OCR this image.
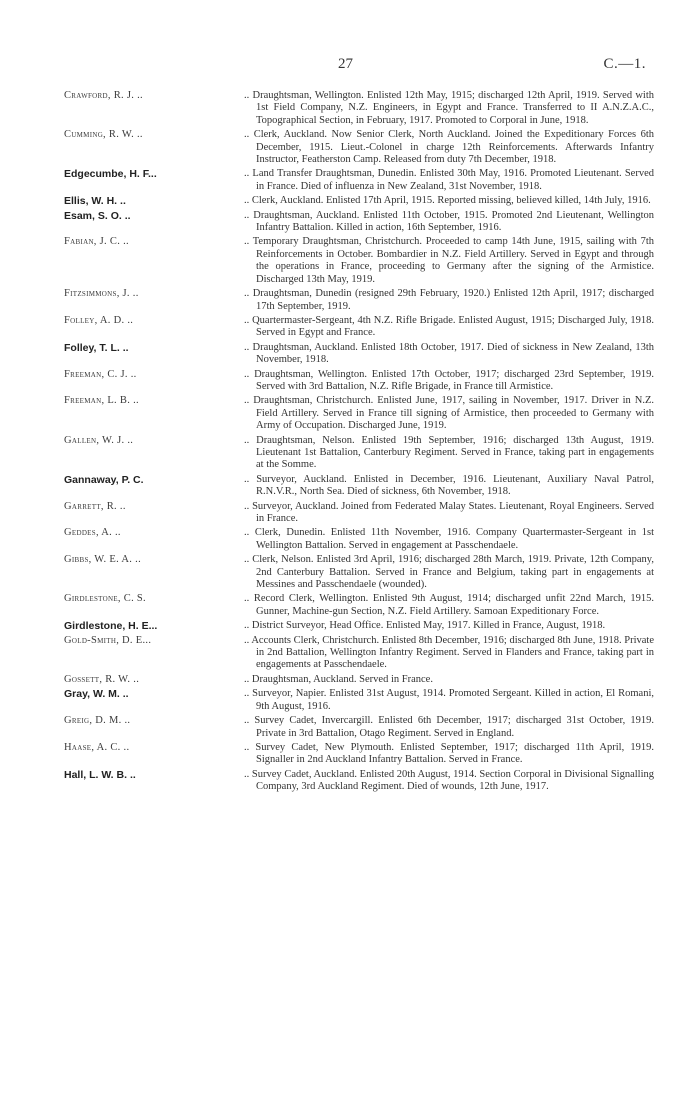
27	C.—1.
Crawford, R. J. ..	.. Draughtsman, Wellington. Enlisted 12th May, 1915; discharged 12th April, 1919. Served with 1st Field Company, N.Z. Engineers, in Egypt and France. Transferred to II A.N.Z.A.C., Topographical Section, in February, 1917. Promoted to Corporal in June, 1918.
Cumming, R. W. ..	.. Clerk, Auckland. Now Senior Clerk, North Auckland. Joined the Expeditionary Forces 6th December, 1915. Lieut.-Colonel in charge 12th Reinforcements. Afterwards Infantry Instructor, Featherston Camp. Released from duty 7th December, 1918.
Edgecumbe, H. F...	.. Land Transfer Draughtsman, Dunedin. Enlisted 30th May, 1916. Promoted Lieutenant. Served in France. Died of influenza in New Zealand, 31st November, 1918.
Ellis, W. H. ..	.. Clerk, Auckland. Enlisted 17th April, 1915. Reported missing, believed killed, 14th July, 1916.
Esam, S. O. ..	.. Draughtsman, Auckland. Enlisted 11th October, 1915. Promoted 2nd Lieutenant, Wellington Infantry Battalion. Killed in action, 16th September, 1916.
Fabian, J. C. ..	.. Temporary Draughtsman, Christchurch. Proceeded to camp 14th June, 1915, sailing with 7th Reinforcements in October. Bombardier in N.Z. Field Artillery. Served in Egypt and through the operations in France, proceeding to Germany after the signing of the Armistice. Discharged 13th May, 1919.
Fitzsimmons, J. ..	.. Draughtsman, Dunedin (resigned 29th February, 1920.) Enlisted 12th April, 1917; discharged 17th September, 1919.
Folley, A. D. ..	.. Quartermaster-Sergeant, 4th N.Z. Rifle Brigade. Enlisted August, 1915; Discharged July, 1918. Served in Egypt and France.
Folley, T. L. ..	.. Draughtsman, Auckland. Enlisted 18th October, 1917. Died of sickness in New Zealand, 13th November, 1918.
Freeman, C. J. ..	.. Draughtsman, Wellington. Enlisted 17th October, 1917; discharged 23rd September, 1919. Served with 3rd Battalion, N.Z. Rifle Brigade, in France till Armistice.
Freeman, L. B. ..	.. Draughtsman, Christchurch. Enlisted June, 1917, sailing in November, 1917. Driver in N.Z. Field Artillery. Served in France till signing of Armistice, then proceeded to Germany with Army of Occupation. Discharged June, 1919.
Gallen, W. J. ..	.. Draughtsman, Nelson. Enlisted 19th September, 1916; discharged 13th August, 1919. Lieutenant 1st Battalion, Canterbury Regiment. Served in France, taking part in engagements at the Somme.
Gannaway, P. C.	.. Surveyor, Auckland. Enlisted in December, 1916. Lieutenant, Auxiliary Naval Patrol, R.N.V.R., North Sea. Died of sickness, 6th November, 1918.
Garrett, R. ..	.. Surveyor, Auckland. Joined from Federated Malay States. Lieutenant, Royal Engineers. Served in France.
Geddes, A. ..	.. Clerk, Dunedin. Enlisted 11th November, 1916. Company Quartermaster-Sergeant in 1st Wellington Battalion. Served in engagement at Passchendaele.
Gibbs, W. E. A. ..	.. Clerk, Nelson. Enlisted 3rd April, 1916; discharged 28th March, 1919. Private, 12th Company, 2nd Canterbury Battalion. Served in France and Belgium, taking part in engagements at Messines and Passchendaele (wounded).
Girdlestone, C. S.	.. Record Clerk, Wellington. Enlisted 9th August, 1914; discharged unfit 22nd March, 1915. Gunner, Machine-gun Section, N.Z. Field Artillery. Samoan Expeditionary Force.
Girdlestone, H. E...	.. District Surveyor, Head Office. Enlisted May, 1917. Killed in France, August, 1918.
Gold-Smith, D. E...	.. Accounts Clerk, Christchurch. Enlisted 8th December, 1916; discharged 8th June, 1918. Private in 2nd Battalion, Wellington Infantry Regiment. Served in Flanders and France, taking part in engagements at Passchendaele.
Gossett, R. W. ..	.. Draughtsman, Auckland. Served in France.
Gray, W. M. ..	.. Surveyor, Napier. Enlisted 31st August, 1914. Promoted Sergeant. Killed in action, El Romani, 9th August, 1916.
Greig, D. M. ..	.. Survey Cadet, Invercargill. Enlisted 6th December, 1917; discharged 31st October, 1919. Private in 3rd Battalion, Otago Regiment. Served in England.
Haase, A. C. ..	.. Survey Cadet, New Plymouth. Enlisted September, 1917; discharged 11th April, 1919. Signaller in 2nd Auckland Infantry Battalion. Served in France.
Hall, L. W. B. ..	.. Survey Cadet, Auckland. Enlisted 20th August, 1914. Section Corporal in Divisional Signalling Company, 3rd Auckland Regiment. Died of wounds, 12th June, 1917.
